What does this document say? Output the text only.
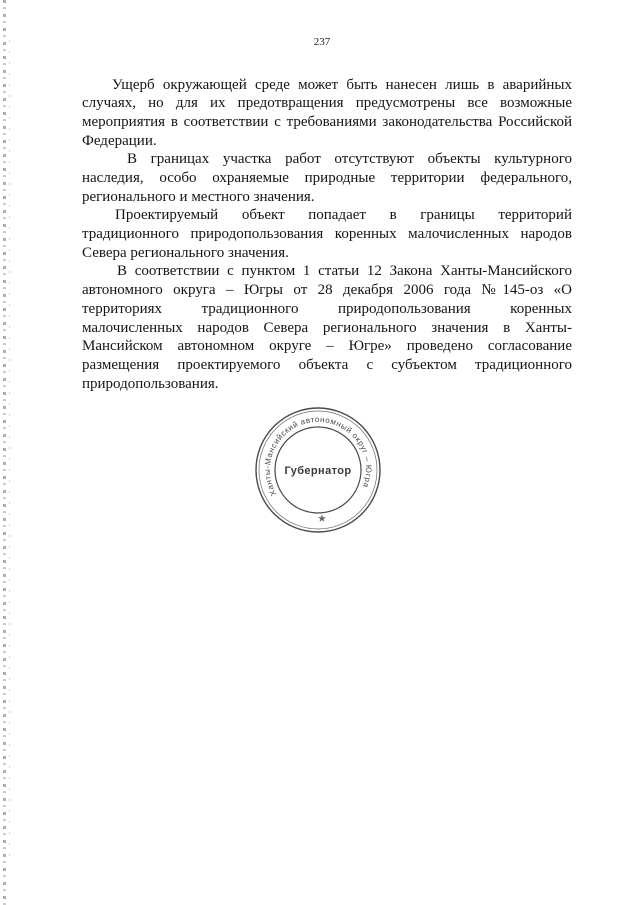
237
Ущерб окружающей среде может быть нанесен лишь в аварийных
случаях, но для их предотвращения предусмотрены все возможные
мероприятия в соответствии с требованиями законодательства Российской
Федерации.
В границах участка работ отсутствуют объекты культурного
наследия, особо охраняемые природные территории федерального,
регионального и местного значения.
Проектируемый объект попадает в границы территорий
традиционного природопользования коренных малочисленных народов
Севера регионального значения.
В соответствии с пунктом 1 статьи 12 Закона Ханты-Мансийского
автономного округа – Югры от 28 декабря 2006 года №145-оз «О
территориях традиционного природопользования коренных
малочисленных народов Севера регионального значения в Ханты-
Мансийском автономном округе – Югре» проведено согласование
размещения проектируемого объекта с субъектом традиционного
природопользования.
Ханты-Мансийский автономный округ – Югра
Губернатор
